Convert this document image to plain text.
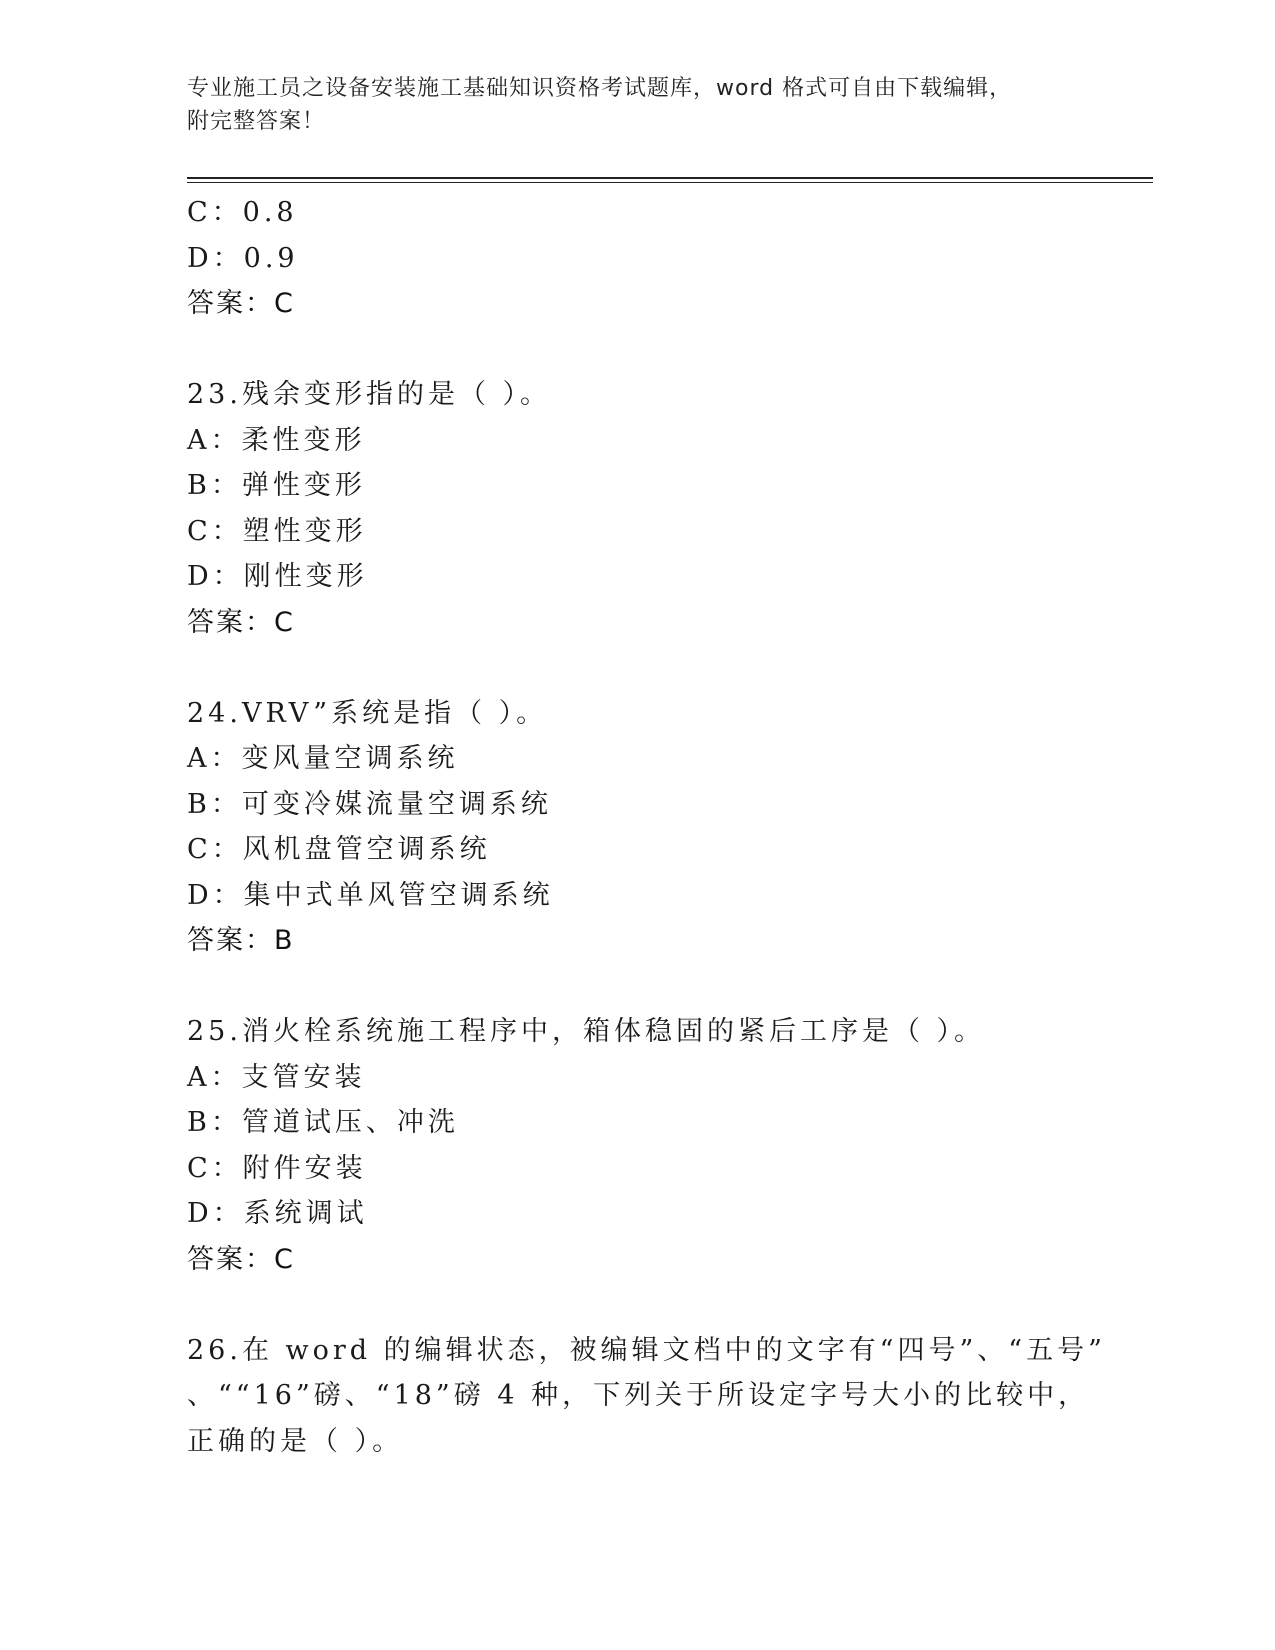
专业施工员之设备安装施工基础知识资格考试题库，word 格式可自由下载编辑，
附完整答案！
C：0.8
D：0.9
答案：C
23.残余变形指的是（ ）。
A：柔性变形
B：弹性变形
C：塑性变形
D：刚性变形
答案：C
24.VRV”系统是指（ ）。
A：变风量空调系统
B：可变冷媒流量空调系统
C：风机盘管空调系统
D：集中式单风管空调系统
答案：B
25.消火栓系统施工程序中，箱体稳固的紧后工序是（ ）。
A：支管安装
B：管道试压、冲洗
C：附件安装
D：系统调试
答案：C
26.在 word 的编辑状态，被编辑文档中的文字有“四号”、“五号”
、““16”磅、“18”磅 4 种，下列关于所设定字号大小的比较中，
正确的是（ ）。
